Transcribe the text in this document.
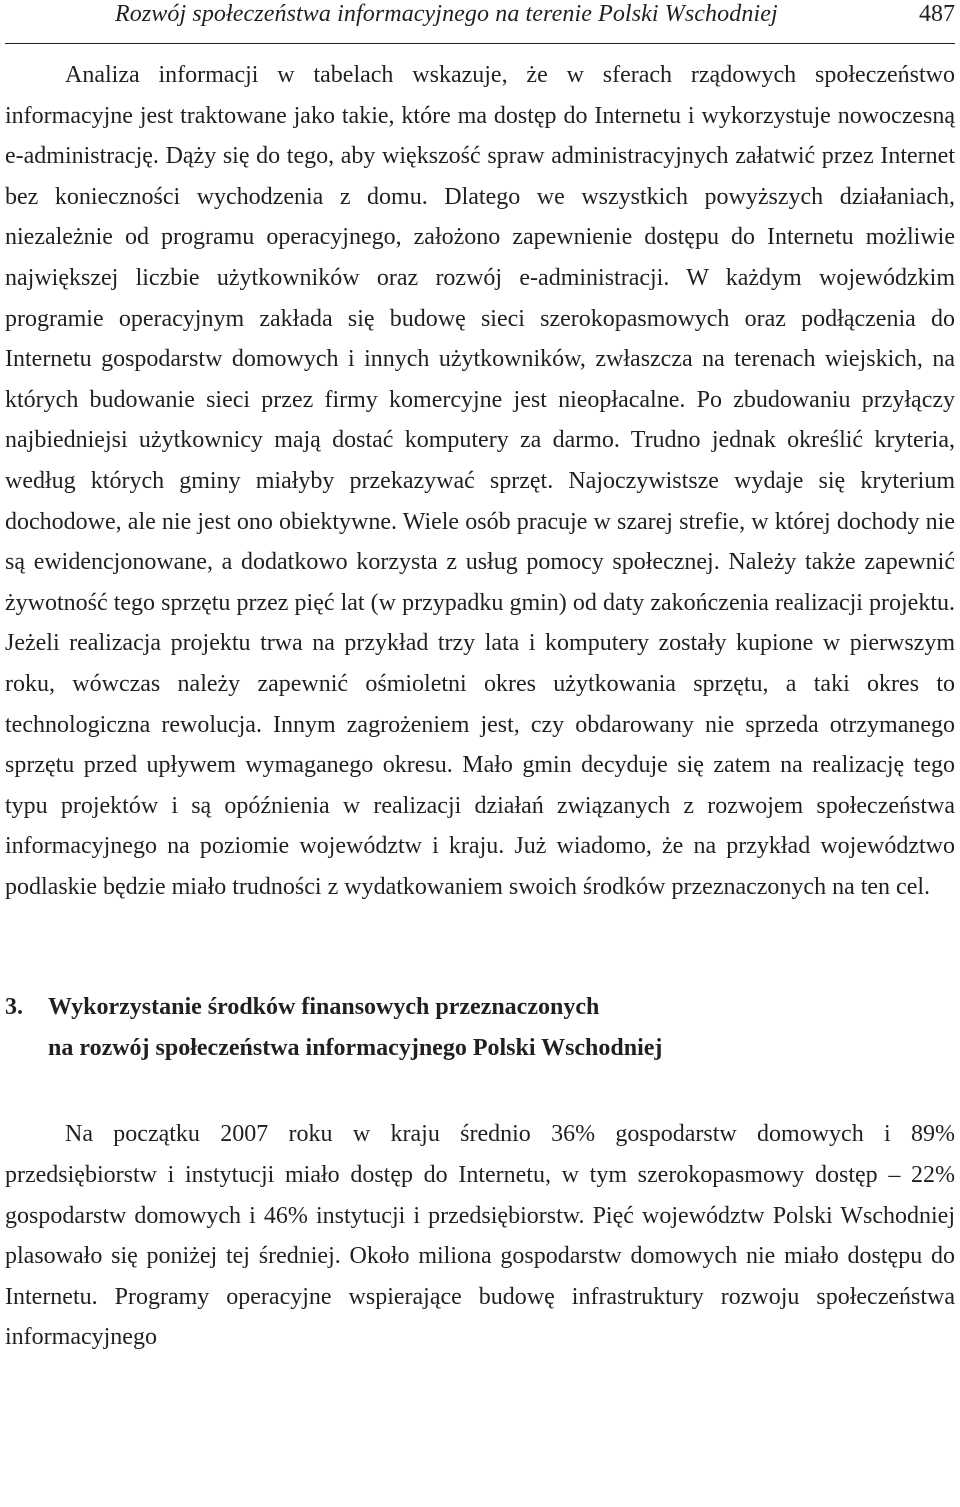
Rozwój społeczeństwa informacyjnego na terenie Polski Wschodniej	487

Analiza informacji w tabelach wskazuje, że w sferach rządowych społeczeństwo informacyjne jest traktowane jako takie, które ma dostęp do Internetu i wykorzystuje nowoczesną e-administrację. Dąży się do tego, aby większość spraw administracyjnych załatwić przez Internet bez konieczności wychodzenia z domu. Dlatego we wszystkich powyższych działaniach, niezależnie od programu operacyjnego, założono zapewnienie dostępu do Internetu możliwie największej liczbie użytkowników oraz rozwój e-administracji. W każdym wojewódzkim programie operacyjnym zakłada się budowę sieci szerokopasmowych oraz podłączenia do Internetu gospodarstw domowych i innych użytkowników, zwłaszcza na terenach wiejskich, na których budowanie sieci przez firmy komercyjne jest nieopłacalne. Po zbudowaniu przyłączy najbiedniejsi użytkownicy mają dostać komputery za darmo. Trudno jednak określić kryteria, według których gminy miałyby przekazywać sprzęt. Najoczywistsze wydaje się kryterium dochodowe, ale nie jest ono obiektywne. Wiele osób pracuje w szarej strefie, w której dochody nie są ewidencjonowane, a dodatkowo korzysta z usług pomocy społecznej. Należy także zapewnić żywotność tego sprzętu przez pięć lat (w przypadku gmin) od daty zakończenia realizacji projektu. Jeżeli realizacja projektu trwa na przykład trzy lata i komputery zostały kupione w pierwszym roku, wówczas należy zapewnić ośmioletni okres użytkowania sprzętu, a taki okres to technologiczna rewolucja. Innym zagrożeniem jest, czy obdarowany nie sprzeda otrzymanego sprzętu przed upływem wymaganego okresu. Mało gmin decyduje się zatem na realizację tego typu projektów i są opóźnienia w realizacji działań związanych z rozwojem społeczeństwa informacyjnego na poziomie województw i kraju. Już wiadomo, że na przykład województwo podlaskie będzie miało trudności z wydatkowaniem swoich środków przeznaczonych na ten cel.

3. Wykorzystanie środków finansowych przeznaczonych
na rozwój społeczeństwa informacyjnego Polski Wschodniej

Na początku 2007 roku w kraju średnio 36% gospodarstw domowych i 89% przedsiębiorstw i instytucji miało dostęp do Internetu, w tym szerokopasmowy dostęp – 22% gospodarstw domowych i 46% instytucji i przedsiębiorstw. Pięć województw Polski Wschodniej plasowało się poniżej tej średniej. Około miliona gospodarstw domowych nie miało dostępu do Internetu. Programy operacyjne wspierające budowę infrastruktury rozwoju społeczeństwa informacyjnego
